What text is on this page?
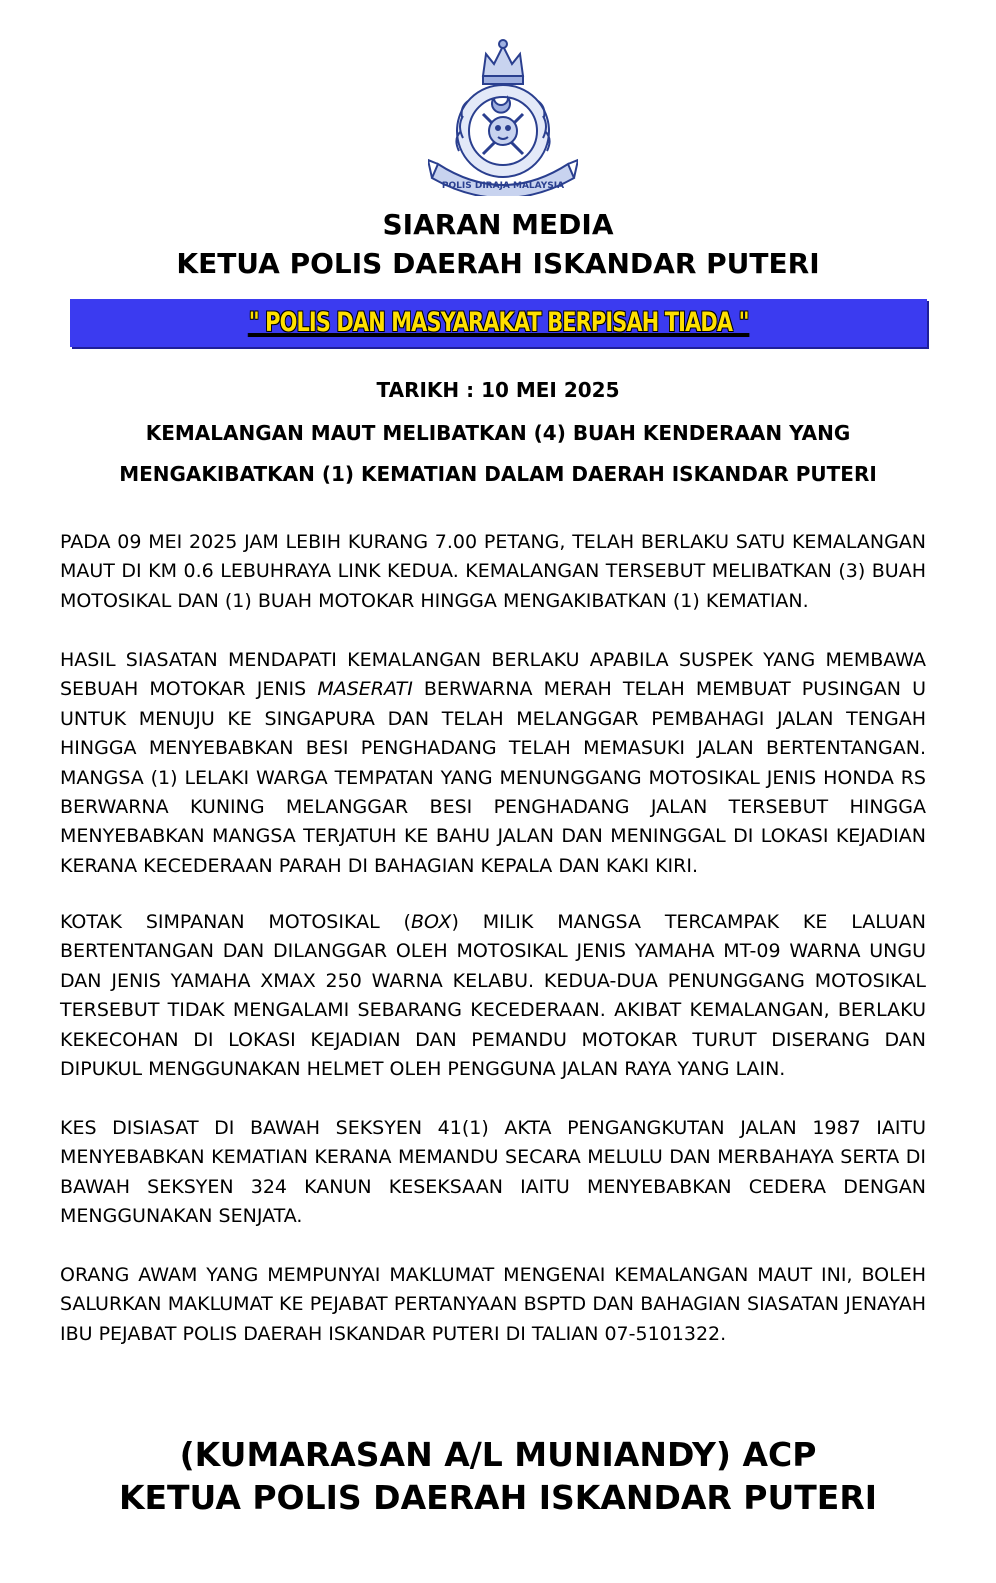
POLIS DIRAJA MALAYSIA
SIARAN MEDIA
KETUA POLIS DAERAH ISKANDAR PUTERI
" POLIS DAN MASYARAKAT BERPISAH TIADA "
TARIKH : 10 MEI 2025
KEMALANGAN MAUT MELIBATKAN (4) BUAH KENDERAAN YANG
MENGAKIBATKAN (1) KEMATIAN DALAM DAERAH ISKANDAR PUTERI

PADA 09 MEI 2025 JAM LEBIH KURANG 7.00 PETANG, TELAH BERLAKU SATU KEMALANGAN MAUT DI KM 0.6 LEBUHRAYA LINK KEDUA. KEMALANGAN TERSEBUT MELIBATKAN (3) BUAH MOTOSIKAL DAN (1) BUAH MOTOKAR HINGGA MENGAKIBATKAN (1) KEMATIAN.

HASIL SIASATAN MENDAPATI KEMALANGAN BERLAKU APABILA SUSPEK YANG MEMBAWA SEBUAH MOTOKAR JENIS MASERATI BERWARNA MERAH TELAH MEMBUAT PUSINGAN U UNTUK MENUJU KE SINGAPURA DAN TELAH MELANGGAR PEMBAHAGI JALAN TENGAH HINGGA MENYEBABKAN BESI PENGHADANG TELAH MEMASUKI JALAN BERTENTANGAN. MANGSA (1) LELAKI WARGA TEMPATAN YANG MENUNGGANG MOTOSIKAL JENIS HONDA RS BERWARNA KUNING MELANGGAR BESI PENGHADANG JALAN TERSEBUT HINGGA MENYEBABKAN MANGSA TERJATUH KE BAHU JALAN DAN MENINGGAL DI LOKASI KEJADIAN KERANA KECEDERAAN PARAH DI BAHAGIAN KEPALA DAN KAKI KIRI.

KOTAK SIMPANAN MOTOSIKAL (BOX) MILIK MANGSA TERCAMPAK KE LALUAN BERTENTANGAN DAN DILANGGAR OLEH MOTOSIKAL JENIS YAMAHA MT-09 WARNA UNGU DAN JENIS YAMAHA XMAX 250 WARNA KELABU. KEDUA-DUA PENUNGGANG MOTOSIKAL TERSEBUT TIDAK MENGALAMI SEBARANG KECEDERAAN. AKIBAT KEMALANGAN, BERLAKU KEKECOHAN DI LOKASI KEJADIAN DAN PEMANDU MOTOKAR TURUT DISERANG DAN DIPUKUL MENGGUNAKAN HELMET OLEH PENGGUNA JALAN RAYA YANG LAIN.

KES DISIASAT DI BAWAH SEKSYEN 41(1) AKTA PENGANGKUTAN JALAN 1987 IAITU MENYEBABKAN KEMATIAN KERANA MEMANDU SECARA MELULU DAN MERBAHAYA SERTA DI BAWAH SEKSYEN 324 KANUN KESEKSAAN IAITU MENYEBABKAN CEDERA DENGAN MENGGUNAKAN SENJATA.

ORANG AWAM YANG MEMPUNYAI MAKLUMAT MENGENAI KEMALANGAN MAUT INI, BOLEH SALURKAN MAKLUMAT KE PEJABAT PERTANYAAN BSPTD DAN BAHAGIAN SIASATAN JENAYAH IBU PEJABAT POLIS DAERAH ISKANDAR PUTERI DI TALIAN 07-5101322.

(KUMARASAN A/L MUNIANDY) ACP
KETUA POLIS DAERAH ISKANDAR PUTERI
